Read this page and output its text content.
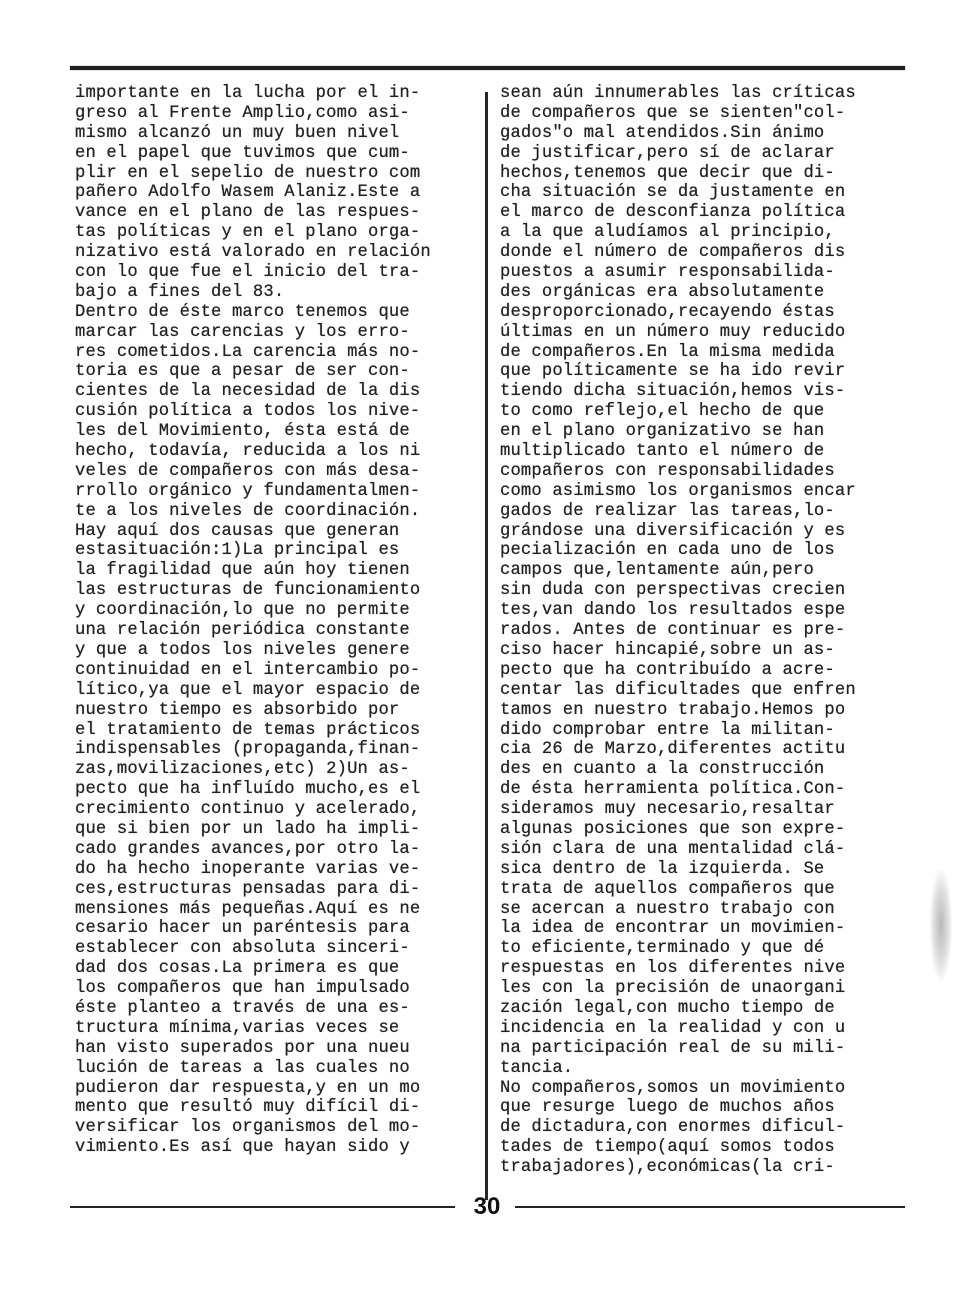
importante en la lucha por el in-
greso al Frente Amplio,como asi-
mismo alcanzó un muy buen nivel
en el papel que tuvimos que cum-
plir en el sepelio de nuestro com
pañero Adolfo Wasem Alaniz.Este a
vance en el plano de las respues-
tas políticas y en el plano orga-
nizativo está valorado en relación
con lo que fue el inicio del tra-
bajo a fines del 83.
Dentro de éste marco tenemos que
marcar las carencias y los erro-
res cometidos.La carencia más no-
toria es que a pesar de ser con-
cientes de la necesidad de la dis
cusión política a todos los nive-
les del Movimiento, ésta está de
hecho, todavía, reducida a los ni
veles de compañeros con más desa-
rrollo orgánico y fundamentalmen-
te a los niveles de coordinación.
Hay aquí dos causas que generan
estasituación:1)La principal es
la fragilidad que aún hoy tienen
las estructuras de funcionamiento
y coordinación,lo que no permite
una relación periódica constante
y que a todos los niveles genere
continuidad en el intercambio po-
lítico,ya que el mayor espacio de
nuestro tiempo es absorbido por
el tratamiento de temas prácticos
indispensables (propaganda,finan-
zas,movilizaciones,etc) 2)Un as-
pecto que ha influído mucho,es el
crecimiento continuo y acelerado,
que si bien por un lado ha impli-
cado grandes avances,por otro la-
do ha hecho inoperante varias ve-
ces,estructuras pensadas para di-
mensiones más pequeñas.Aquí es ne
cesario hacer un paréntesis para
establecer con absoluta sinceri-
dad dos cosas.La primera es que
los compañeros que han impulsado
éste planteo a través de una es-
tructura mínima,varias veces se
han visto superados por una nueu
lución de tareas a las cuales no
pudieron dar respuesta,y en un mo
mento que resultó muy difícil di-
versificar los organismos del mo-
vimiento.Es así que hayan sido y
sean aún innumerables las críticas
de compañeros que se sienten"col-
gados"o mal atendidos.Sin ánimo
de justificar,pero sí de aclarar
hechos,tenemos que decir que di-
cha situación se da justamente en
el marco de desconfianza política
a la que aludíamos al principio,
donde el número de compañeros dis
puestos a asumir responsabilida-
des orgánicas era absolutamente
desproporcionado,recayendo éstas
últimas en un número muy reducido
de compañeros.En la misma medida
que políticamente se ha ido revir
tiendo dicha situación,hemos vis-
to como reflejo,el hecho de que
en el plano organizativo se han
multiplicado tanto el número de
compañeros con responsabilidades
como asimismo los organismos encar
gados de realizar las tareas,lo-
grándose una diversificación y es
pecialización en cada uno de los
campos que,lentamente aún,pero
sin duda con perspectivas crecien
tes,van dando los resultados espe
rados. Antes de continuar es pre-
ciso hacer hincapié,sobre un as-
pecto que ha contribuído a acre-
centar las dificultades que enfren
tamos en nuestro trabajo.Hemos po
dido comprobar entre la militan-
cia 26 de Marzo,diferentes actitu
des en cuanto a la construcción
de ésta herramienta política.Con-
sideramos muy necesario,resaltar
algunas posiciones que son expre-
sión clara de una mentalidad clá-
sica dentro de la izquierda. Se
trata de aquellos compañeros que
se acercan a nuestro trabajo con
la idea de encontrar un movimien-
to eficiente,terminado y que dé
respuestas en los diferentes nive
les con la precisión de unaorgani
zación legal,con mucho tiempo de
incidencia en la realidad y con u
na participación real de su mili-
tancia.
No compañeros,somos un movimiento
que resurge luego de muchos años
de dictadura,con enormes dificul-
tades de tiempo(aquí somos todos
trabajadores),económicas(la cri-
30
